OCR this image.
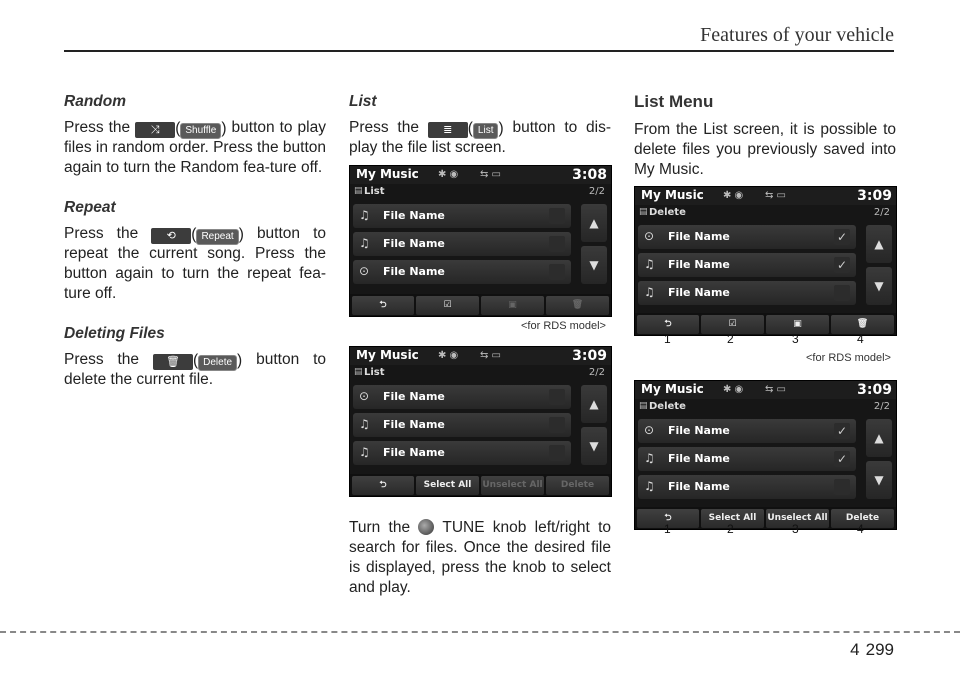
Features of your vehicle
Random

Press the ⤨ ( Shuffle ) button to play files in random order. Press the button again to turn the Random fea-ture off.

Repeat

Press the	⟲ ( Repeat ) button to repeat the current song. Press the button again to turn the repeat fea-ture off.

Deleting Files

Press the 🗑 ( Delete ) button to delete the current file.

List

Press the ≣ ( List ) button to dis-play the file list screen.

My Music ✱ ◉ ⇆ ▭	3:08
▤ List	2/2
♫ File Name
♫ File Name
⊙ File Name
▲
▼
⮌	☑	▣	🗑
<for RDS model>
My Music ✱ ◉ ⇆ ▭	3:09
▤ List	2/2
⊙ File Name
♫ File Name
♫ File Name
▲
▼
⮌	Select All	Unselect All	Delete

Turn the TUNE knob left/right to search for files. Once the desired file is displayed, press the knob to select and play.

List Menu

From the List screen, it is possible to delete files you previously saved into My Music.

My Music ✱ ◉ ⇆ ▭	3:09
▤ Delete	2/2
⊙ File Name	✓
♫ File Name	✓
♫ File Name
▲
▼
⮌	☑	▣	🗑
1	2	3	4
<for RDS model>
My Music ✱ ◉ ⇆ ▭	3:09
▤ Delete	2/2
⊙ File Name	✓
♫ File Name	✓
♫ File Name
▲
▼
⮌	Select All	Unselect All	Delete
1	2	3	4
4 299
